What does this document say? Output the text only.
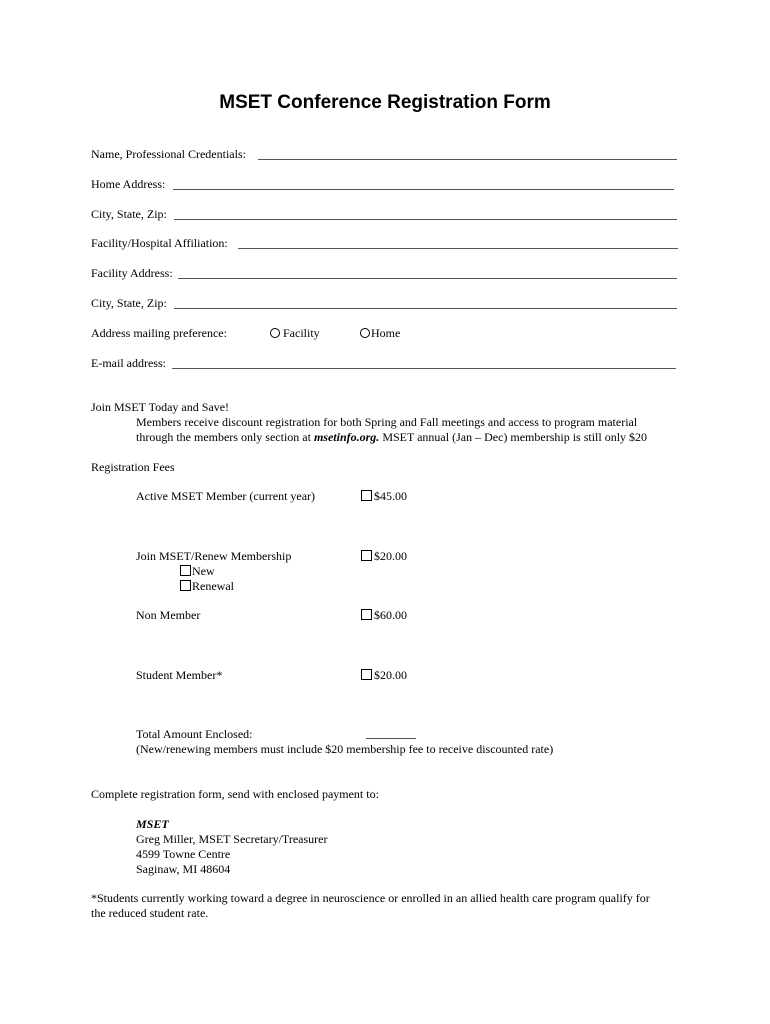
MSET Conference Registration Form
Name, Professional Credentials:
Home Address:
City, State, Zip:
Facility/Hospital Affiliation:
Facility Address:
City, State, Zip:
Address mailing preference:	Facility	Home
E-mail address:
Join MSET Today and Save!
Members receive discount registration for both Spring and Fall meetings and access to program material
through the members only section at msetinfo.org. MSET annual (Jan – Dec) membership is still only $20
Registration Fees
Active MSET Member (current year)	$45.00
Join MSET/Renew Membership	$20.00
New
Renewal
Non Member	$60.00
Student Member*	$20.00
Total Amount Enclosed:
(New/renewing members must include $20 membership fee to receive discounted rate)
Complete registration form, send with enclosed payment to:
MSET
Greg Miller, MSET Secretary/Treasurer
4599 Towne Centre
Saginaw, MI 48604
*Students currently working toward a degree in neuroscience or enrolled in an allied health care program qualify for
the reduced student rate.
